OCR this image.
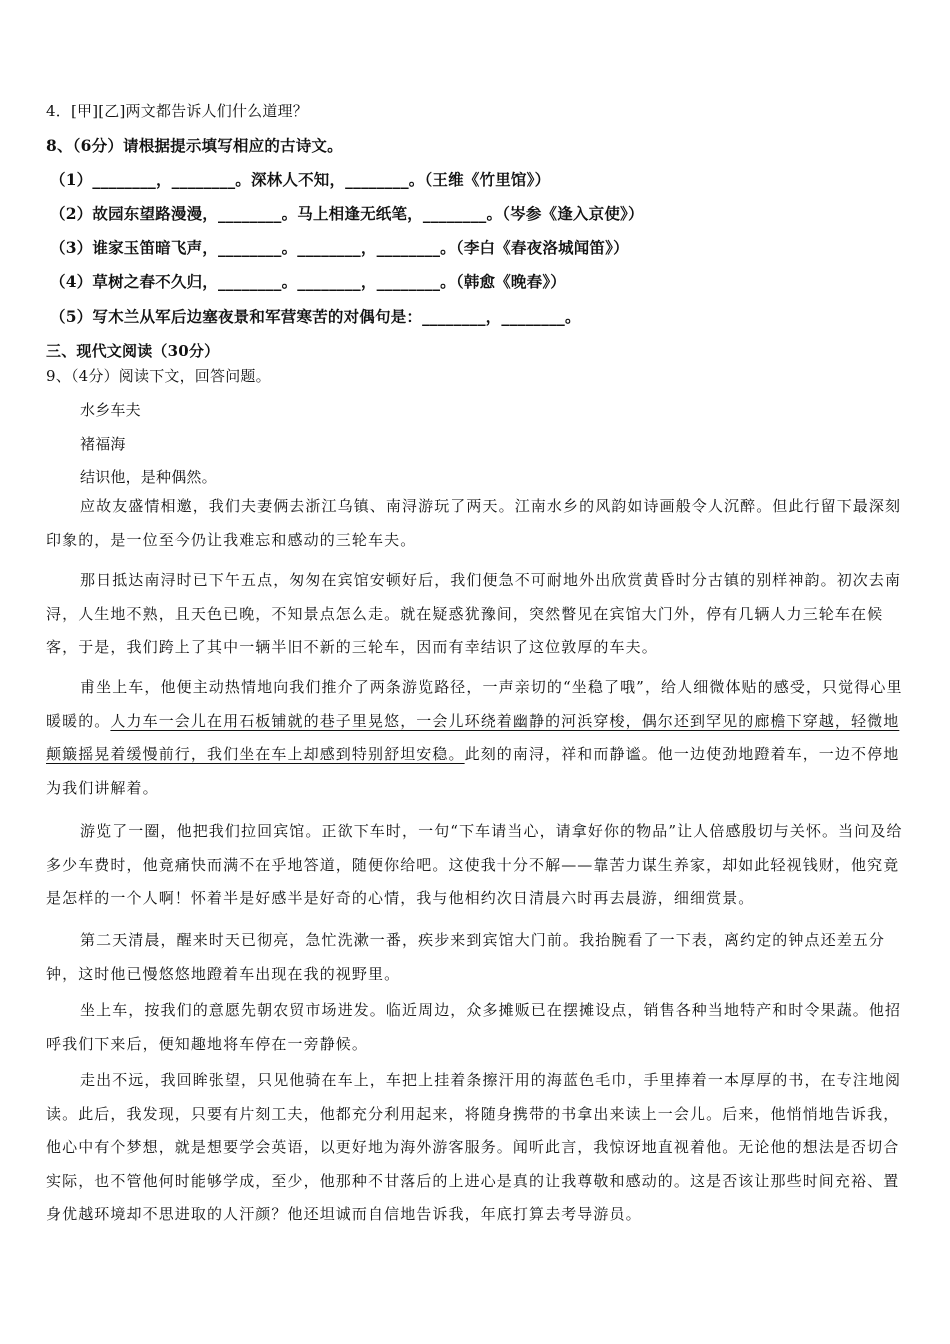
4．[甲][乙]两文都告诉人们什么道理？
8、（6分）请根据提示填写相应的古诗文。
（1）________，________。深林人不知，________。（王维《竹里馆》）
（2）故园东望路漫漫，________。马上相逢无纸笔，________。（岑参《逢入京使》）
（3）谁家玉笛暗飞声，________。________，________。（李白《春夜洛城闻笛》）
（4）草树之春不久归，________。________，________。（韩愈《晚春》）
（5）写木兰从军后边塞夜景和军营寒苦的对偶句是：________，________。
三、现代文阅读（30分）
9、（4分）阅读下文，回答问题。
水乡车夫
褚福海
结识他，是种偶然。
应故友盛情相邀，我们夫妻俩去浙江乌镇、南浔游玩了两天。江南水乡的风韵如诗画般令人沉醉。但此行留下最深刻印象的，是一位至今仍让我难忘和感动的三轮车夫。
那日抵达南浔时已下午五点，匆匆在宾馆安顿好后，我们便急不可耐地外出欣赏黄昏时分古镇的别样神韵。初次去南浔，人生地不熟，且天色已晚，不知景点怎么走。就在疑惑犹豫间，突然瞥见在宾馆大门外，停有几辆人力三轮车在候客，于是，我们跨上了其中一辆半旧不新的三轮车，因而有幸结识了这位敦厚的车夫。
甫坐上车，他便主动热情地向我们推介了两条游览路径，一声亲切的“坐稳了哦”，给人细微体贴的感受，只觉得心里暖暖的。人力车一会儿在用石板铺就的巷子里晃悠，一会儿环绕着幽静的河浜穿梭，偶尔还到罕见的廊檐下穿越，轻微地颠簸摇晃着缓慢前行，我们坐在车上却感到特别舒坦安稳。此刻的南浔，祥和而静谧。他一边使劲地蹬着车，一边不停地为我们讲解着。
游览了一圈，他把我们拉回宾馆。正欲下车时，一句“下车请当心，请拿好你的物品”让人倍感殷切与关怀。当问及给多少车费时，他竟痛快而满不在乎地答道，随便你给吧。这使我十分不解——靠苦力谋生养家，却如此轻视钱财，他究竟是怎样的一个人啊！怀着半是好感半是好奇的心情，我与他相约次日清晨六时再去晨游，细细赏景。
第二天清晨，醒来时天已彻亮，急忙洗漱一番，疾步来到宾馆大门前。我抬腕看了一下表，离约定的钟点还差五分钟，这时他已慢悠悠地蹬着车出现在我的视野里。
坐上车，按我们的意愿先朝农贸市场进发。临近周边，众多摊贩已在摆摊设点，销售各种当地特产和时令果蔬。他招呼我们下来后，便知趣地将车停在一旁静候。
走出不远，我回眸张望，只见他骑在车上，车把上挂着条擦汗用的海蓝色毛巾，手里捧着一本厚厚的书，在专注地阅读。此后，我发现，只要有片刻工夫，他都充分利用起来，将随身携带的书拿出来读上一会儿。后来，他悄悄地告诉我，他心中有个梦想，就是想要学会英语，以更好地为海外游客服务。闻听此言，我惊讶地直视着他。无论他的想法是否切合实际，也不管他何时能够学成，至少，他那种不甘落后的上进心是真的让我尊敬和感动的。这是否该让那些时间充裕、置身优越环境却不思进取的人汗颜？他还坦诚而自信地告诉我，年底打算去考导游员。
